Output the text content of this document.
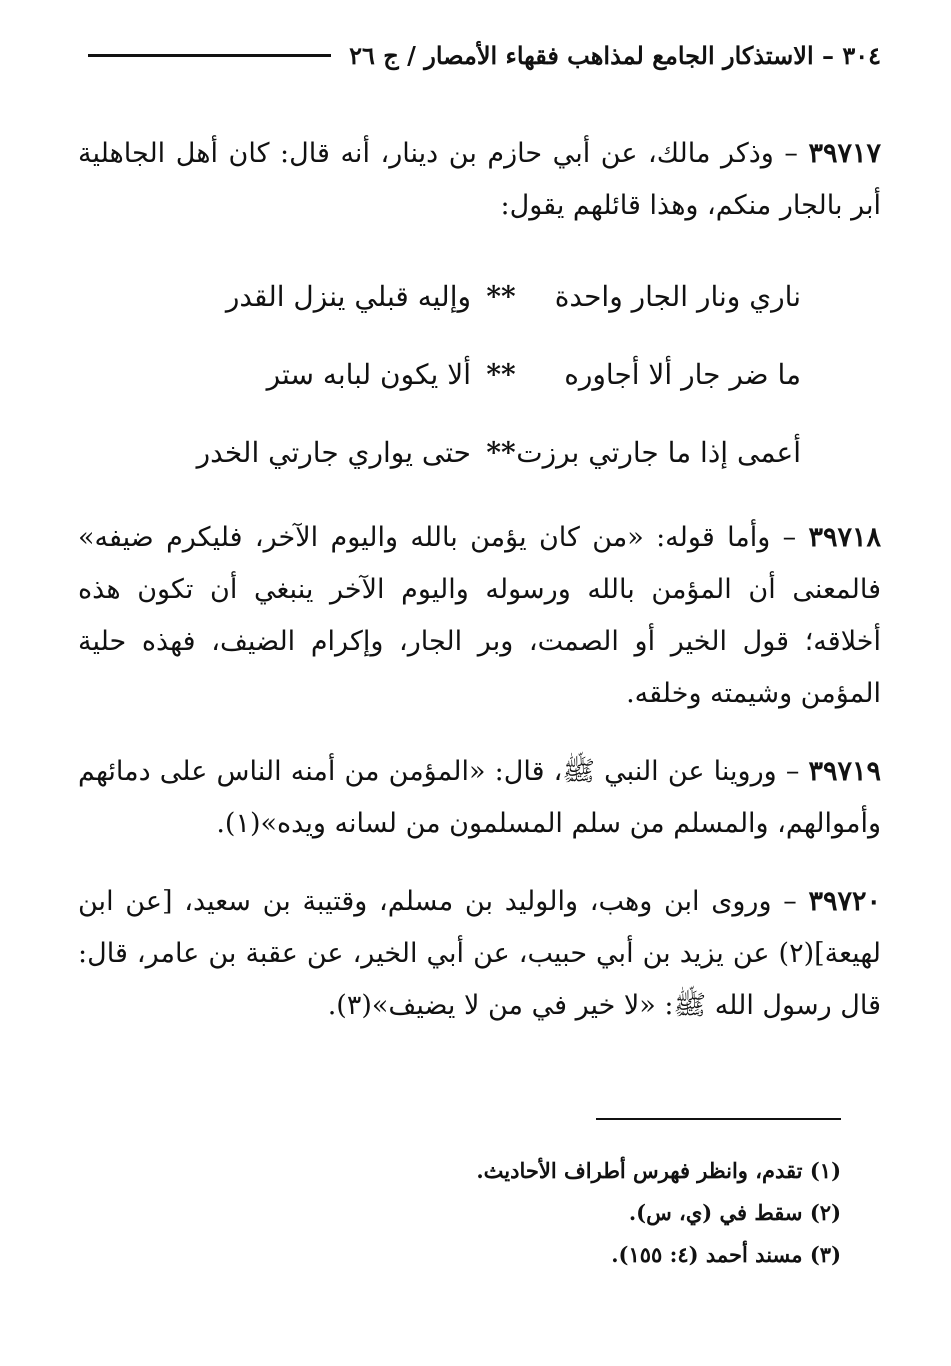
٣٠٤ – الاستذكار الجامع لمذاهب فقهاء الأمصار / ج ٢٦

٣٩٧١٧ – وذكر مالك، عن أبي حازم بن دينار، أنه قال: كان أهل الجاهلية أبر بالجار منكم، وهذا قائلهم يقول:

ناري ونار الجار واحدة
**
وإليه قبلي ينزل القدر
ما ضر جار ألا أجاوره
**
ألا يكون لبابه ستر
أعمى إذا ما جارتي برزت
**
حتى يواري جارتي الخدر

٣٩٧١٨ – وأما قوله: «من كان يؤمن بالله واليوم الآخر، فليكرم ضيفه» فالمعنى أن المؤمن بالله ورسوله واليوم الآخر ينبغي أن تكون هذه أخلاقه؛ قول الخير أو الصمت، وبر الجار، وإكرام الضيف، فهذه حلية المؤمن وشيمته وخلقه.

٣٩٧١٩ – وروينا عن النبي ﷺ، قال: «المؤمن من أمنه الناس على دمائهم وأموالهم، والمسلم من سلم المسلمون من لسانه ويده»(١).

٣٩٧٢٠ – وروى ابن وهب، والوليد بن مسلم، وقتيبة بن سعيد، [عن ابن لهيعة](٢) عن يزيد بن أبي حبيب، عن أبي الخير، عن عقبة بن عامر، قال: قال رسول الله ﷺ: «لا خير في من لا يضيف»(٣).

(١) تقدم، وانظر فهرس أطراف الأحاديث.

(٢) سقط في (ي، س).

(٣) مسند أحمد (٤: ١٥٥).
